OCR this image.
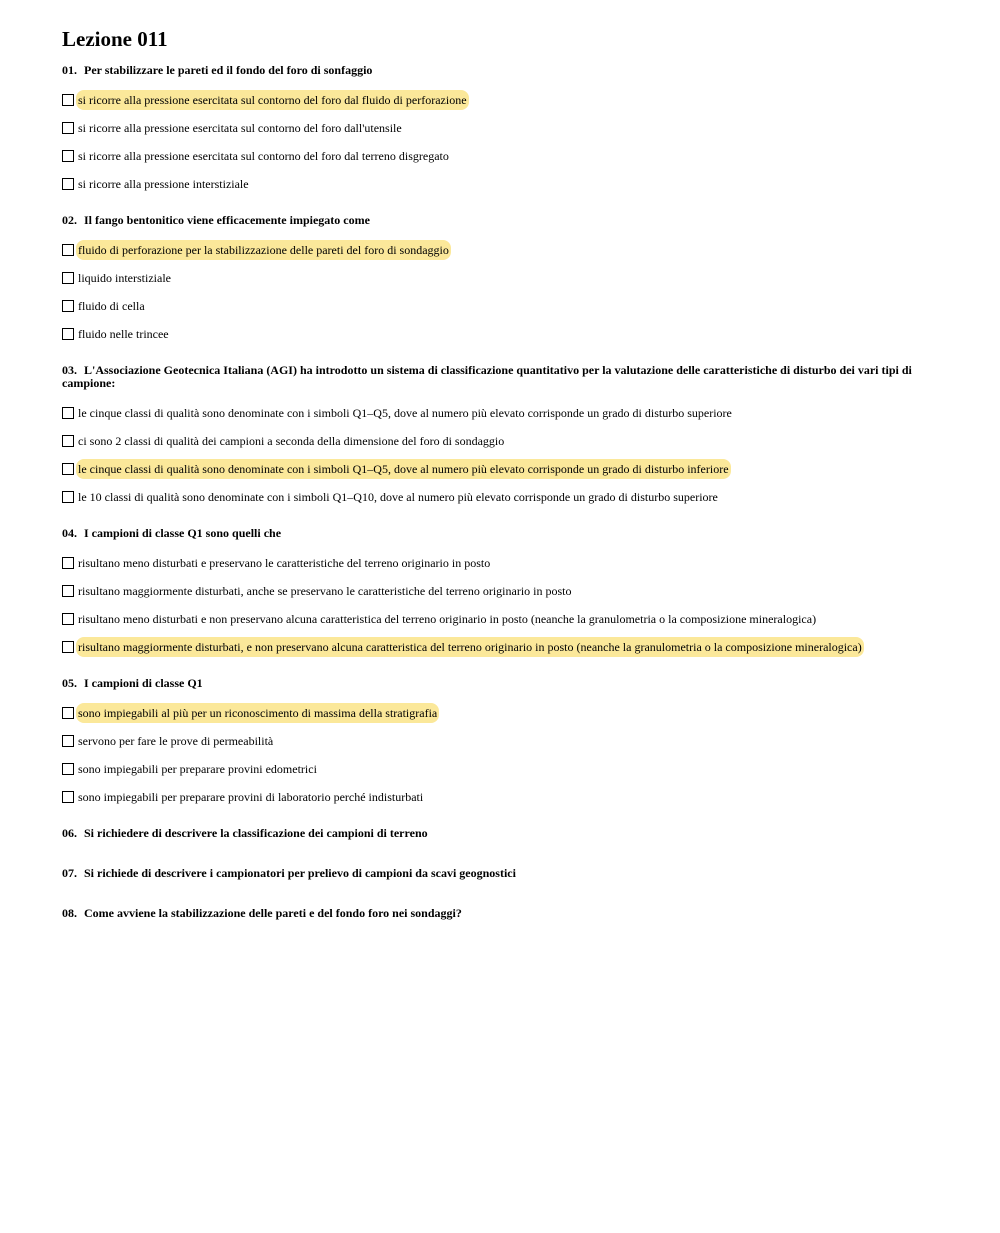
Lezione 011
01. Per stabilizzare le pareti ed il fondo del foro di sonfaggio
si ricorre alla pressione esercitata sul contorno del foro dal fluido di perforazione
si ricorre alla pressione esercitata sul contorno del foro dall'utensile
si ricorre alla pressione esercitata sul contorno del foro dal terreno disgregato
si ricorre alla pressione interstiziale
02. Il fango bentonitico viene efficacemente impiegato come
fluido di perforazione per la stabilizzazione delle pareti del foro di sondaggio
liquido interstiziale
fluido di cella
fluido nelle trincee
03. L'Associazione Geotecnica Italiana (AGI) ha introdotto un sistema di classificazione quantitativo per la valutazione delle caratteristiche di disturbo dei vari tipi di campione:
le cinque classi di qualità sono denominate con i simboli Q1–Q5, dove al numero più elevato corrisponde un grado di disturbo superiore
ci sono 2 classi di qualità dei campioni a seconda della dimensione del foro di sondaggio
le cinque classi di qualità sono denominate con i simboli Q1–Q5, dove al numero più elevato corrisponde un grado di disturbo inferiore
le 10 classi di qualità sono denominate con i simboli Q1–Q10, dove al numero più elevato corrisponde un grado di disturbo superiore
04. I campioni di classe Q1 sono quelli che
risultano meno disturbati e preservano le caratteristiche del terreno originario in posto
risultano maggiormente disturbati, anche se preservano le caratteristiche del terreno originario in posto
risultano meno disturbati e non preservano alcuna caratteristica del terreno originario in posto (neanche la granulometria o la composizione mineralogica)
risultano maggiormente disturbati, e non preservano alcuna caratteristica del terreno originario in posto (neanche la granulometria o la composizione mineralogica)
05. I campioni di classe Q1
sono impiegabili al più per un riconoscimento di massima della stratigrafia
servono per fare le prove di permeabilità
sono impiegabili per preparare provini edometrici
sono impiegabili per preparare provini di laboratorio perché indisturbati
06. Si richiedere di descrivere la classificazione dei campioni di terreno
07. Si richiede di descrivere i campionatori per prelievo di campioni da scavi geognostici
08. Come avviene la stabilizzazione delle pareti e del fondo foro nei sondaggi?
